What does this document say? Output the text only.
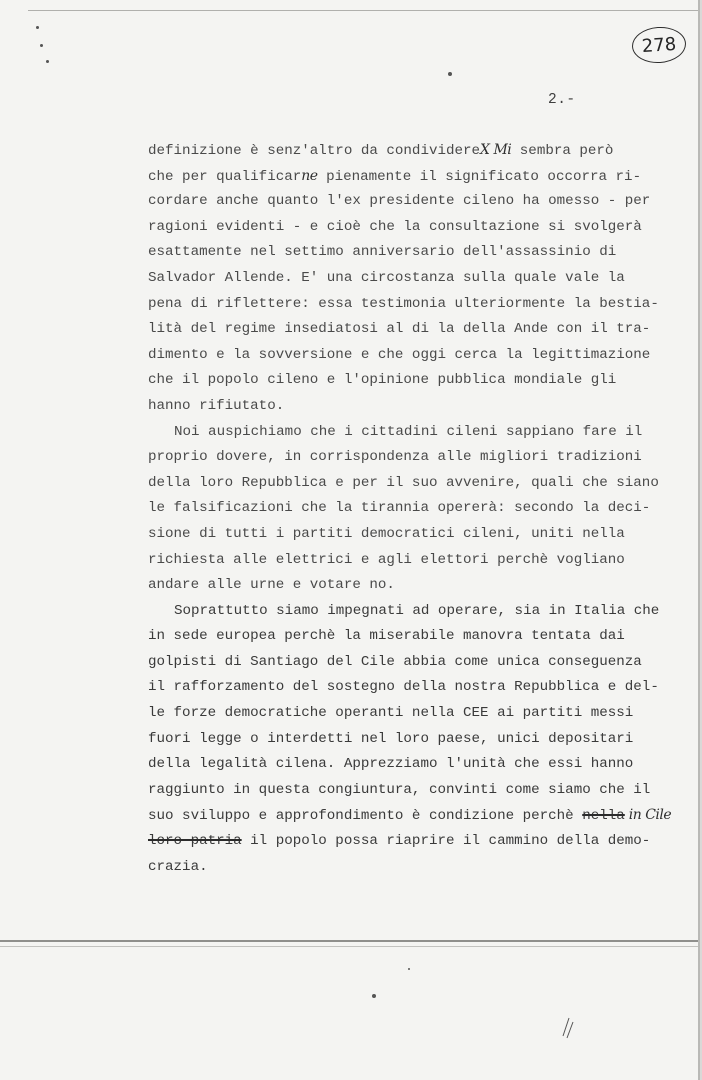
278
2.-
definizione è senz'altro da condividereX Mi sembra però
che per qualificarne pienamente il significato occorra ri-
cordare anche quanto l'ex presidente cileno ha omesso - per
ragioni evidenti - e cioè che la consultazione si svolgerà
esattamente nel settimo anniversario dell'assassinio di
Salvador Allende. E' una circostanza sulla quale vale la
pena di riflettere: essa testimonia ulteriormente la bestia-
lità del regime insediatosi al di la della Ande con il tra-
dimento e la sovversione e che oggi cerca la legittimazione
che il popolo cileno e l'opinione pubblica mondiale gli
hanno rifiutato.
Noi auspichiamo che i cittadini cileni sappiano fare il
proprio dovere, in corrispondenza alle migliori tradizioni
della loro Repubblica e per il suo avvenire, quali che siano
le falsificazioni che la tirannia opererà: secondo la deci-
sione di tutti i partiti democratici cileni, uniti nella
richiesta alle elettrici e agli elettori perchè vogliano
andare alle urne e votare no.
Soprattutto siamo impegnati ad operare, sia in Italia che
in sede europea perchè la miserabile manovra tentata dai
golpisti di Santiago del Cile abbia come unica conseguenza
il rafforzamento del sostegno della nostra Repubblica e del-
le forze democratiche operanti nella CEE ai partiti messi
fuori legge o interdetti nel loro paese, unici depositari
della legalità cilena. Apprezziamo l'unità che essi hanno
raggiunto in questa congiuntura, convinti come siamo che il
suo sviluppo e approfondimento è condizione perchè nella in Cile
loro patria il popolo possa riaprire il cammino della demo-
crazia.
